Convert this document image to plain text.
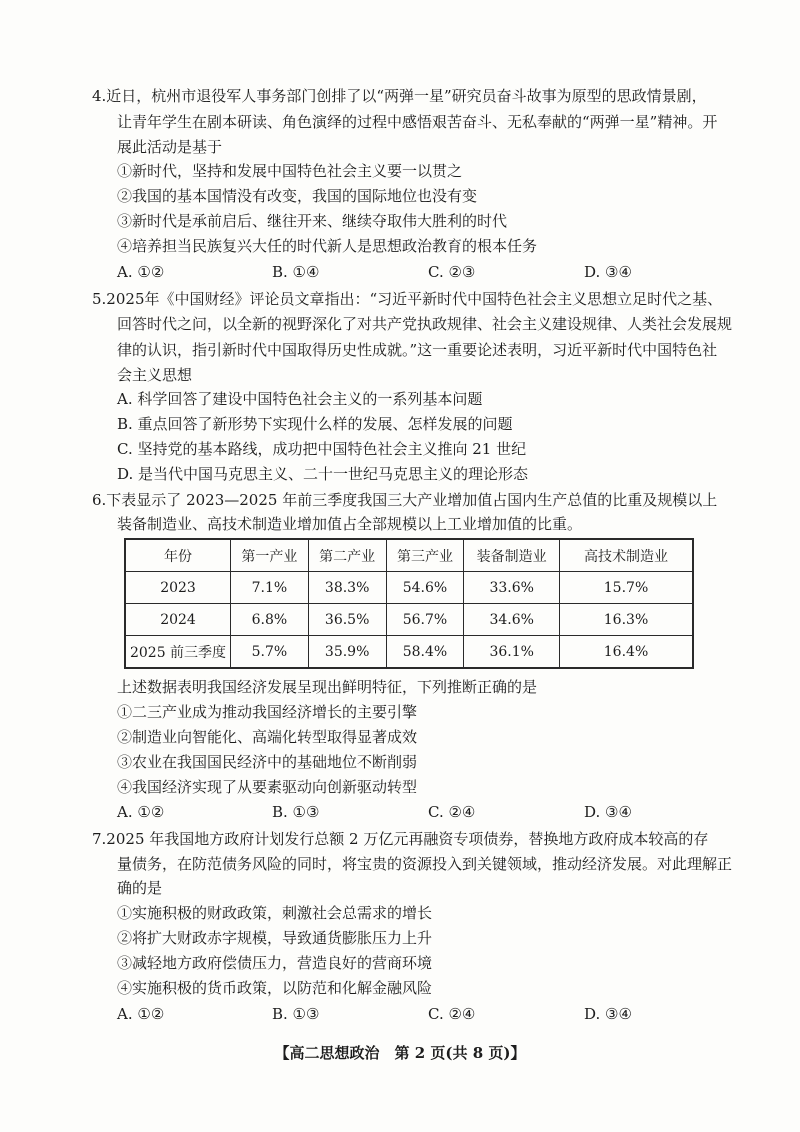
4.近日，杭州市退役军人事务部门创排了以“两弹一星”研究员奋斗故事为原型的思政情景剧，
让青年学生在剧本研读、角色演绎的过程中感悟艰苦奋斗、无私奉献的“两弹一星”精神。开
展此活动是基于
①新时代，坚持和发展中国特色社会主义要一以贯之
②我国的基本国情没有改变，我国的国际地位也没有变
③新时代是承前启后、继往开来、继续夺取伟大胜利的时代
④培养担当民族复兴大任的时代新人是思想政治教育的根本任务
A. ①②	B. ①④	C. ②③	D. ③④
5.2025年《中国财经》评论员文章指出：“习近平新时代中国特色社会主义思想立足时代之基、
回答时代之问，以全新的视野深化了对共产党执政规律、社会主义建设规律、人类社会发展规
律的认识，指引新时代中国取得历史性成就。”这一重要论述表明，习近平新时代中国特色社
会主义思想
A. 科学回答了建设中国特色社会主义的一系列基本问题
B. 重点回答了新形势下实现什么样的发展、怎样发展的问题
C. 坚持党的基本路线，成功把中国特色社会主义推向 21 世纪
D. 是当代中国马克思主义、二十一世纪马克思主义的理论形态
6.下表显示了 2023—2025 年前三季度我国三大产业增加值占国内生产总值的比重及规模以上
装备制造业、高技术制造业增加值占全部规模以上工业增加值的比重。
年份	第一产业	第二产业	第三产业	装备制造业	高技术制造业
2023	7.1%	38.3%	54.6%	33.6%	15.7%
2024	6.8%	36.5%	56.7%	34.6%	16.3%
2025 前三季度	5.7%	35.9%	58.4%	36.1%	16.4%
上述数据表明我国经济发展呈现出鲜明特征，下列推断正确的是
①二三产业成为推动我国经济增长的主要引擎
②制造业向智能化、高端化转型取得显著成效
③农业在我国国民经济中的基础地位不断削弱
④我国经济实现了从要素驱动向创新驱动转型
A. ①②	B. ①③	C. ②④	D. ③④
7.2025 年我国地方政府计划发行总额 2 万亿元再融资专项债券，替换地方政府成本较高的存
量债务，在防范债务风险的同时，将宝贵的资源投入到关键领域，推动经济发展。对此理解正
确的是
①实施积极的财政政策，刺激社会总需求的增长
②将扩大财政赤字规模，导致通货膨胀压力上升
③减轻地方政府偿债压力，营造良好的营商环境
④实施积极的货币政策，以防范和化解金融风险
A. ①②	B. ①③	C. ②④	D. ③④
【高二思想政治　第 2 页(共 8 页)】
